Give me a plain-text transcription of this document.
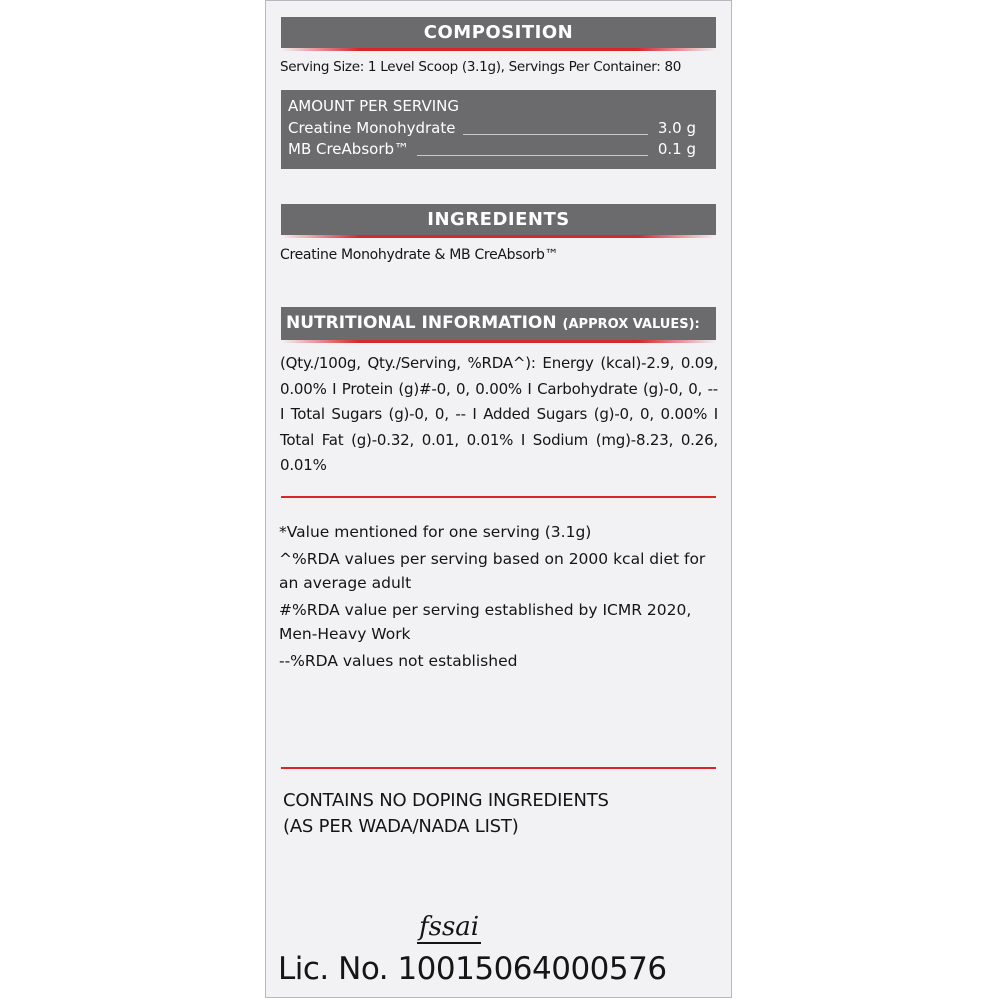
COMPOSITION
Serving Size: 1 Level Scoop (3.1g), Servings Per Container: 80
AMOUNT PER SERVING
Creatine Monohydrate	3.0 g
MB CreAbsorb™	0.1 g
INGREDIENTS
Creatine Monohydrate & MB CreAbsorb™
NUTRITIONAL INFORMATION (APPROX VALUES):
(Qty./100g, Qty./Serving, %RDA^): Energy (kcal)-2.9, 0.09, 0.00% I Protein (g)#-0, 0, 0.00% I Carbohydrate (g)-0, 0, -- I Total Sugars (g)-0, 0, -- I Added Sugars (g)-0, 0, 0.00% I Total Fat (g)-0.32, 0.01, 0.01% I Sodium (mg)-8.23, 0.26, 0.01%
*Value mentioned for one serving (3.1g)
^%RDA values per serving based on 2000 kcal diet for an average adult
#%RDA value per serving established by ICMR 2020, Men-Heavy Work
--%RDA values not established
CONTAINS NO DOPING INGREDIENTS
(AS PER WADA/NADA LIST)
fssai
Lic. No. 10015064000576
